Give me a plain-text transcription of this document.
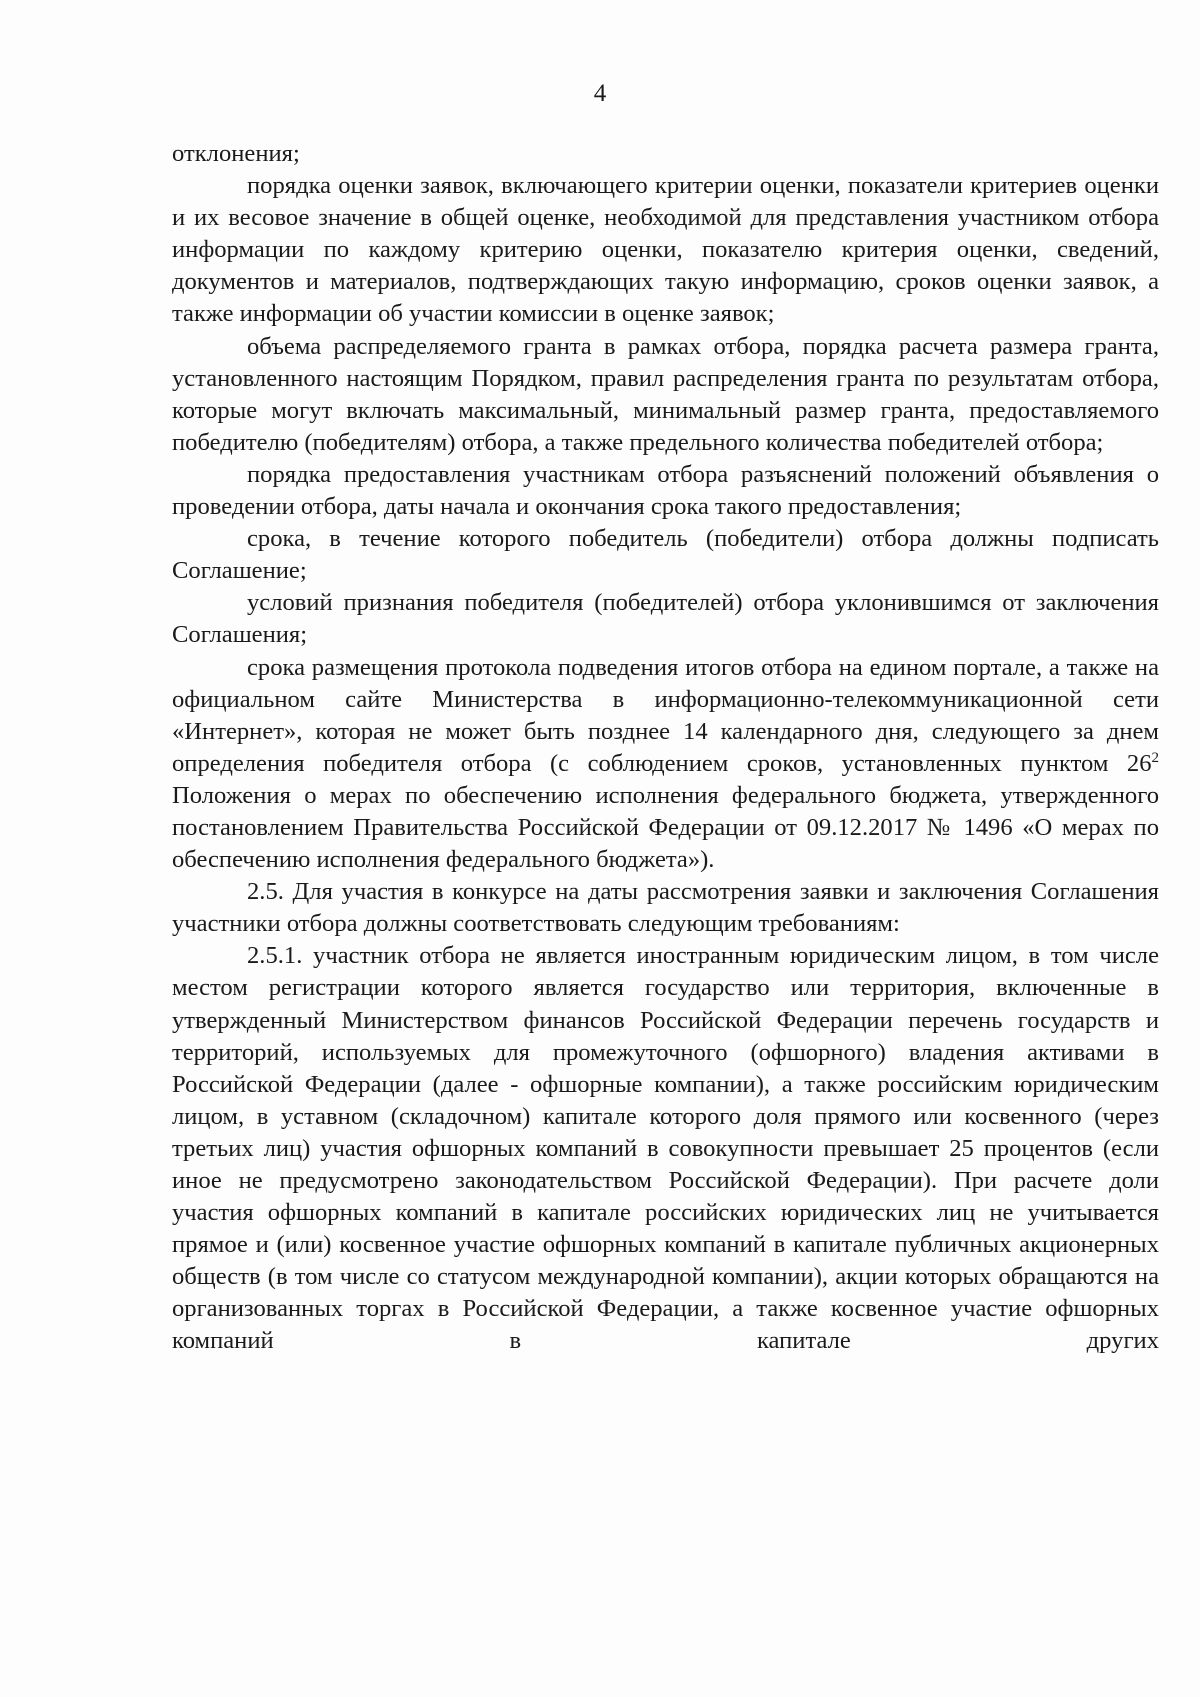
4

отклонения;

порядка оценки заявок, включающего критерии оценки, показатели критериев оценки и их весовое значение в общей оценке, необходимой для представления участником отбора информации по каждому критерию оценки, показателю критерия оценки, сведений, документов и материалов, подтверждающих такую информацию, сроков оценки заявок, а также информации об участии комиссии в оценке заявок;

объема распределяемого гранта в рамках отбора, порядка расчета размера гранта, установленного настоящим Порядком, правил распределения гранта по результатам отбора, которые могут включать максимальный, минимальный размер гранта, предоставляемого победителю (победителям) отбора, а также предельного количества победителей отбора;

порядка предоставления участникам отбора разъяснений положений объявления о проведении отбора, даты начала и окончания срока такого предоставления;

срока, в течение которого победитель (победители) отбора должны подписать Соглашение;

условий признания победителя (победителей) отбора уклонившимся от заключения Соглашения;

срока размещения протокола подведения итогов отбора на едином портале, а также на официальном сайте Министерства в информационно-телекоммуникационной сети «Интернет», которая не может быть позднее 14 календарного дня, следующего за днем определения победителя отбора (с соблюдением сроков, установленных пунктом $26^2$ Положения о мерах по обеспечению исполнения федерального бюджета, утвержденного постановлением Правительства Российской Федерации от 09.12.2017 № 1496 «О мерах по обеспечению исполнения федерального бюджета»).

2.5. Для участия в конкурсе на даты рассмотрения заявки и заключения Соглашения участники отбора должны соответствовать следующим требованиям:

2.5.1. участник отбора не является иностранным юридическим лицом, в том числе местом регистрации которого является государство или территория, включенные в утвержденный Министерством финансов Российской Федерации перечень государств и территорий, используемых для промежуточного (офшорного) владения активами в Российской Федерации (далее - офшорные компании), а также российским юридическим лицом, в уставном (складочном) капитале которого доля прямого или косвенного (через третьих лиц) участия офшорных компаний в совокупности превышает 25 процентов (если иное не предусмотрено законодательством Российской Федерации). При расчете доли участия офшорных компаний в капитале российских юридических лиц не учитывается прямое и (или) косвенное участие офшорных компаний в капитале публичных акционерных обществ (в том числе со статусом международной компании), акции которых обращаются на организованных торгах в Российской Федерации, а также косвенное участие офшорных компаний в капитале других
